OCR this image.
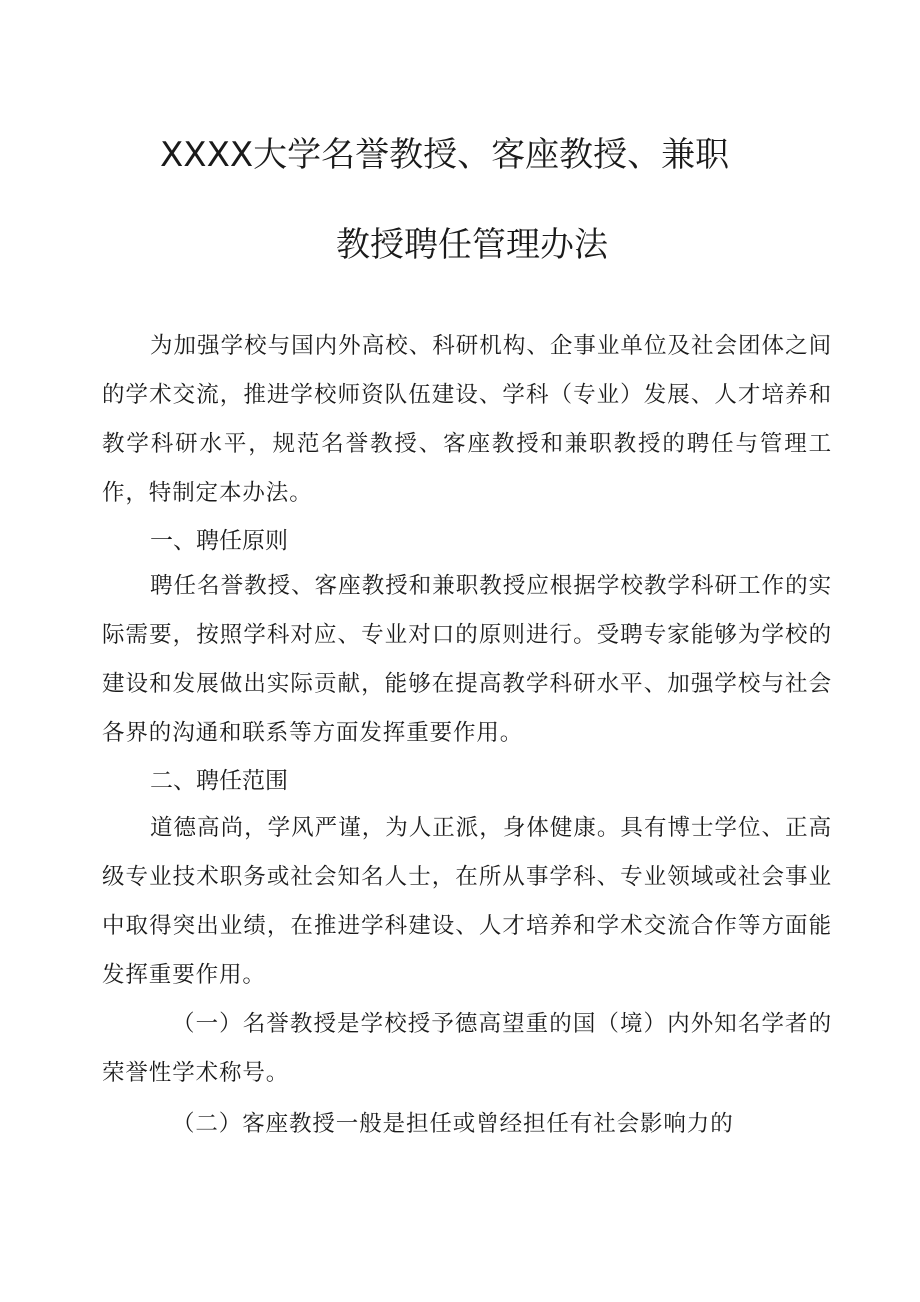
XXXX大学名誉教授、客座教授、兼职
教授聘任管理办法

为加强学校与国内外高校、科研机构、企事业单位及社会团体之间的学术交流，推进学校师资队伍建设、学科（专业）发展、人才培养和教学科研水平，规范名誉教授、客座教授和兼职教授的聘任与管理工作，特制定本办法。

一、聘任原则

聘任名誉教授、客座教授和兼职教授应根据学校教学科研工作的实际需要，按照学科对应、专业对口的原则进行。受聘专家能够为学校的建设和发展做出实际贡献，能够在提高教学科研水平、加强学校与社会各界的沟通和联系等方面发挥重要作用。

二、聘任范围

道德高尚，学风严谨，为人正派，身体健康。具有博士学位、正高级专业技术职务或社会知名人士，在所从事学科、专业领域或社会事业中取得突出业绩，在推进学科建设、人才培养和学术交流合作等方面能发挥重要作用。

（一）名誉教授是学校授予德高望重的国（境）内外知名学者的荣誉性学术称号。

（二）客座教授一般是担任或曾经担任有社会影响力的
